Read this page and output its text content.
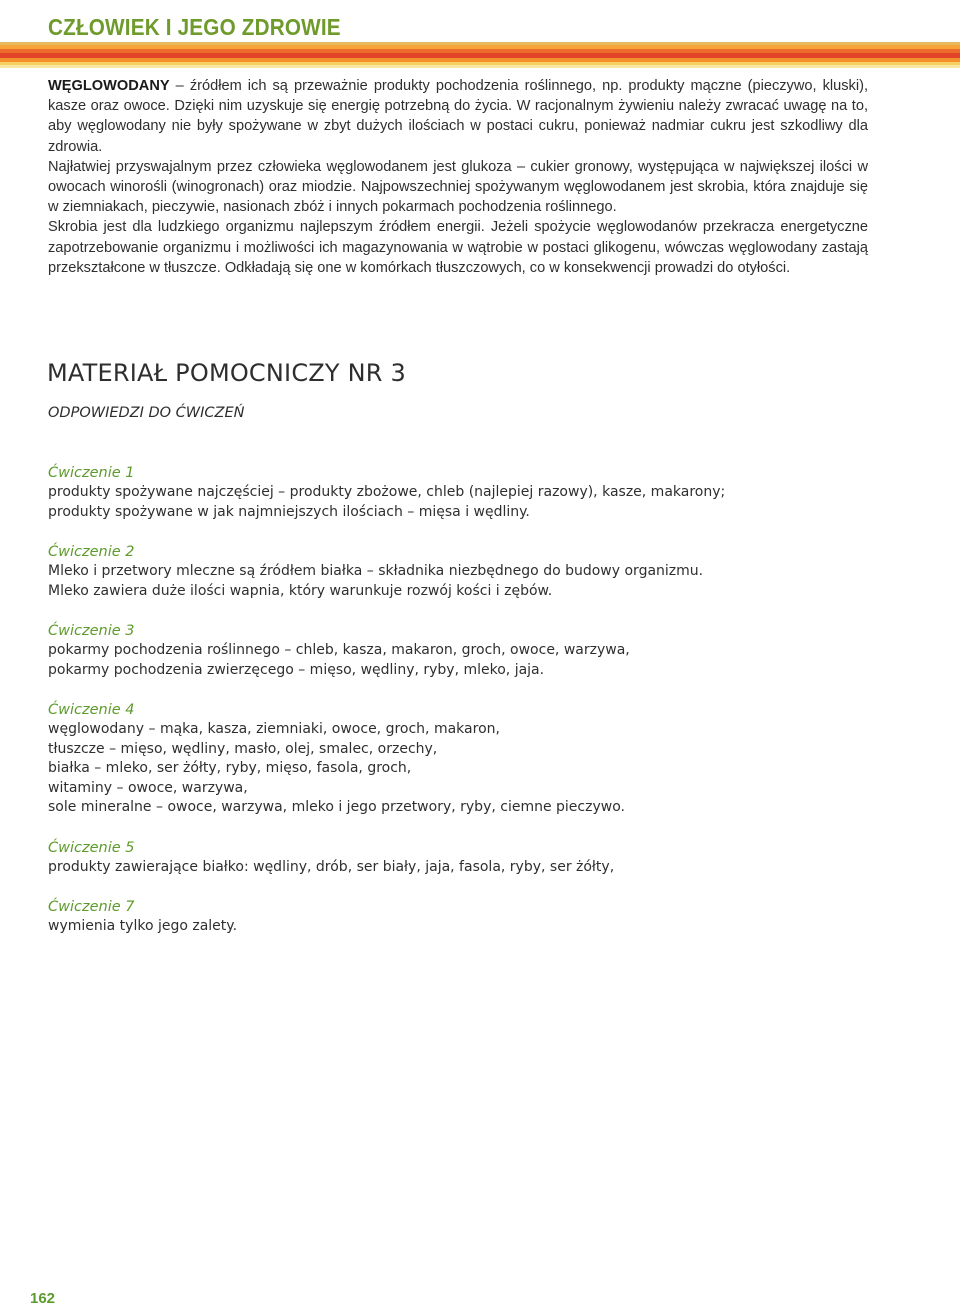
CZŁOWIEK I JEGO ZDROWIE

WĘGLOWODANY – źródłem ich są przeważnie produkty pochodzenia roślinnego, np. produkty mączne (pieczywo, kluski), kasze oraz owoce. Dzięki nim uzyskuje się energię potrzebną do życia. W racjonalnym żywieniu należy zwracać uwagę na to, aby węglowodany nie były spożywane w zbyt dużych ilościach w postaci cukru, ponieważ nadmiar cukru jest szkodliwy dla zdrowia.

Najłatwiej przyswajalnym przez człowieka węglowodanem jest glukoza – cukier gronowy, występująca w największej ilości w owocach winorośli (winogronach) oraz miodzie. Najpowszechniej spożywanym węglowodanem jest skrobia, która znajduje się w ziemniakach, pieczywie, nasionach zbóż i innych pokarmach pochodzenia roślinnego.

Skrobia jest dla ludzkiego organizmu najlepszym źródłem energii. Jeżeli spożycie węglowodanów przekracza energetyczne zapotrzebowanie organizmu i możliwości ich magazynowania w wątrobie w postaci glikogenu, wówczas węglowodany zastają przekształcone w tłuszcze. Odkładają się one w komórkach tłuszczowych, co w konsekwencji prowadzi do otyłości.

MATERIAŁ POMOCNICZY NR 3
ODPOWIEDZI DO ĆWICZEŃ
Ćwiczenie 1
produkty spożywane najczęściej – produkty zbożowe, chleb (najlepiej razowy), kasze, makarony;
produkty spożywane w jak najmniejszych ilościach – mięsa i wędliny.
Ćwiczenie 2
Mleko i przetwory mleczne są źródłem białka – składnika niezbędnego do budowy organizmu.
Mleko zawiera duże ilości wapnia, który warunkuje rozwój kości i zębów.
Ćwiczenie 3
pokarmy pochodzenia roślinnego – chleb, kasza, makaron, groch, owoce, warzywa,
pokarmy pochodzenia zwierzęcego – mięso, wędliny, ryby, mleko, jaja.
Ćwiczenie 4
węglowodany – mąka, kasza, ziemniaki, owoce, groch, makaron,
tłuszcze – mięso, wędliny, masło, olej, smalec, orzechy,
białka – mleko, ser żółty, ryby, mięso, fasola, groch,
witaminy – owoce, warzywa,
sole mineralne – owoce, warzywa, mleko i jego przetwory, ryby, ciemne pieczywo.
Ćwiczenie 5
produkty zawierające białko: wędliny, drób, ser biały, jaja, fasola, ryby, ser żółty,
Ćwiczenie 7
wymienia tylko jego zalety.
162
